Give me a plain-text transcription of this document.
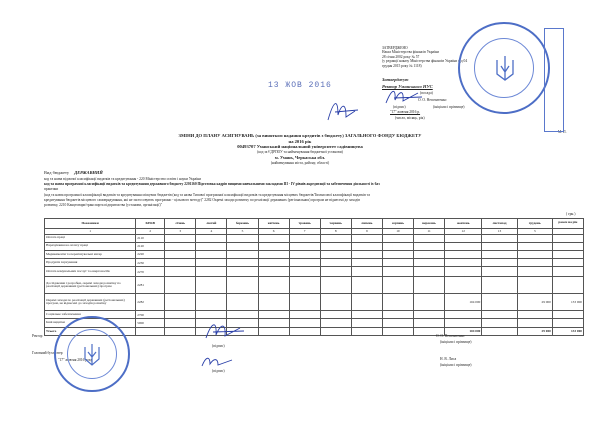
ЗАТВЕРДЖЕНО
Наказ Міністерства фінансів України
28 січня 2002 року № 57
(у редакції наказу Міністерства фінансів України від 04
грудня 2015 року № 1118)
Затверджую
Ректор Уманського НУС
(посада)
О. О. Непочатенко
(підпис)	(ініціали і прізвище)
"17" жовтня 2016 р.
(число, місяць, рік)
М. П.
13 ЖОВ 2016
ЗМІНИ ДО ПЛАНУ АСИГНУВАНЬ (за винятком надання кредитів з бюджету) ЗАГАЛЬНОГО ФОНДУ БЮДЖЕТУ
на 2016 рік
00493707 Уманський національний університет садівництва
(код за ЄДРПОУ та найменування бюджетної установи)
м. Умань, Черкаська обл.
(найменування міста, району, області)
Вид бюджету ДЕРЖАВНИЙ
код та назва відомчої класифікації видатків та кредитування - 220 Міністерство освіти і науки України
код та назва програмної класифікації видатків та кредитування державного бюджету 2201160 Підготовка кадрів вищими навчальними закладами III - IV рівнів акредитації та забезпечення діяльності їх баз
практики
(код та назва програмної класифікації видатків та кредитування місцевих бюджетів (код та назва Типової програмної класифікації видатків та кредитування місцевих бюджетів/Тимчасової класифікації видатків та
кредитування бюджетів місцевого самоврядування, які не застосовують програмно - цільового методу)" 2282 Окремі заходи розвитку по реалізації державних (регіональних) програм не віднесені до заходів
розвитку, 2210 Канцтовари/транспорта підприємства (установи, організації)"
( грн.)
Показники	КЕКВ	січень	лютий	березень	квітень	травень	червень	липень	серпень	вересень	жовтень	листопад	грудень	разом на рік
1	2	3	4	5	6	7	8	9	10	11	12	13	3	
Оплата праці	2110													
Нарахування на оплату праці	2120													
Медикаменти та перев'язувальні матер	2220													
Продукти харчування	2230													
Оплата комунальних послуг та енергоносіїв	2270													
Дослідження і розробки, окремі заходи розвитку по реалізації державних (регіональних) програм	2281													
Окремі заходи по реалізації державних (регіональних) програм, не віднесені до заходів розвитку	2282										104 000		29 000	133 000
Соціальне забезпечення	2700													
Інші видатки	5000													
Усього											104 000		29 000	133 000
Ректор
Головний бухгалтер
"17" жовтня 2016 року
(підпис)
(підпис)
О. О. Непочатенко
(ініціали і прізвище)
Н. В. Лиса
(ініціали і прізвище)
